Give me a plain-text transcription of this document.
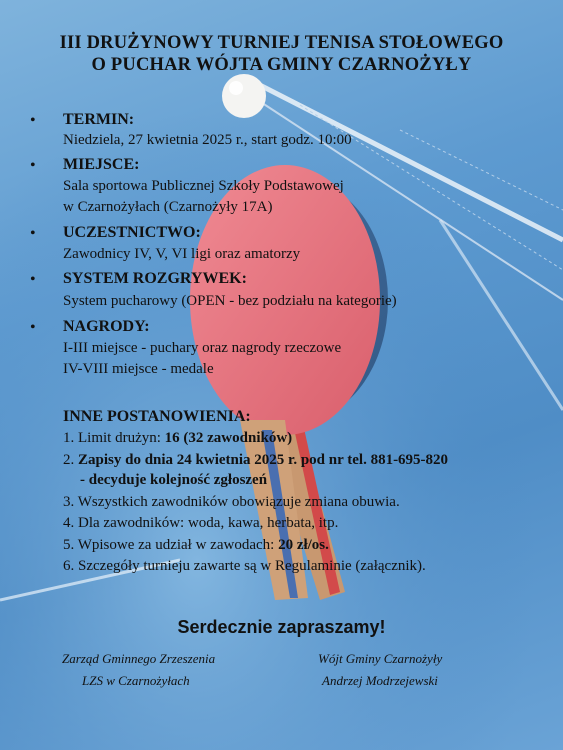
III DRUŻYNOWY TURNIEJ TENISA STOŁOWEGO
O PUCHAR WÓJTA GMINY CZARNOŻYŁY
• TERMIN:
Niedziela, 27 kwietnia 2025 r., start godz. 10:00
• MIEJSCE:
Sala sportowa Publicznej Szkoły Podstawowej
w Czarnożyłach (Czarnożyły 17A)
• UCZESTNICTWO:
Zawodnicy IV, V, VI ligi oraz amatorzy
• SYSTEM ROZGRYWEK:
System pucharowy (OPEN - bez podziału na kategorie)
• NAGRODY:
I-III miejsce - puchary oraz nagrody rzeczowe
IV-VIII miejsce - medale
INNE POSTANOWIENIA:
1. Limit drużyn: 16 (32 zawodników)
2. Zapisy do dnia 24 kwietnia 2025 r. pod nr tel. 881-695-820
- decyduje kolejność zgłoszeń
3. Wszystkich zawodników obowiązuje zmiana obuwia.
4. Dla zawodników: woda, kawa, herbata, itp.
5. Wpisowe za udział w zawodach: 20 zł/os.
6. Szczegóły turnieju zawarte są w Regulaminie (załącznik).
Serdecznie zapraszamy!
Zarząd Gminnego Zrzeszenia
LZS w Czarnożyłach
Wójt Gminy Czarnożyły
Andrzej Modrzejewski
